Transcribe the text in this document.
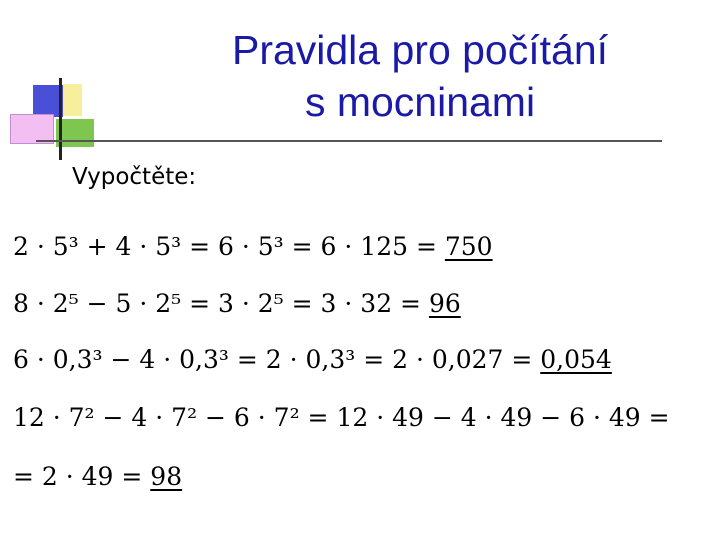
Pravidla pro počítání
s mocninami
Vypočtěte:
2 · 5³ + 4 · 5³ = 6 · 5³ = 6 · 125 = 750
8 · 2⁵ − 5 · 2⁵ = 3 · 2⁵ = 3 · 32 = 96
6 · 0,3³ − 4 · 0,3³ = 2 · 0,3³ = 2 · 0,027 = 0,054
12 · 7² − 4 · 7² − 6 · 7² = 12 · 49 − 4 · 49 − 6 · 49 =
= 2 · 49 = 98
